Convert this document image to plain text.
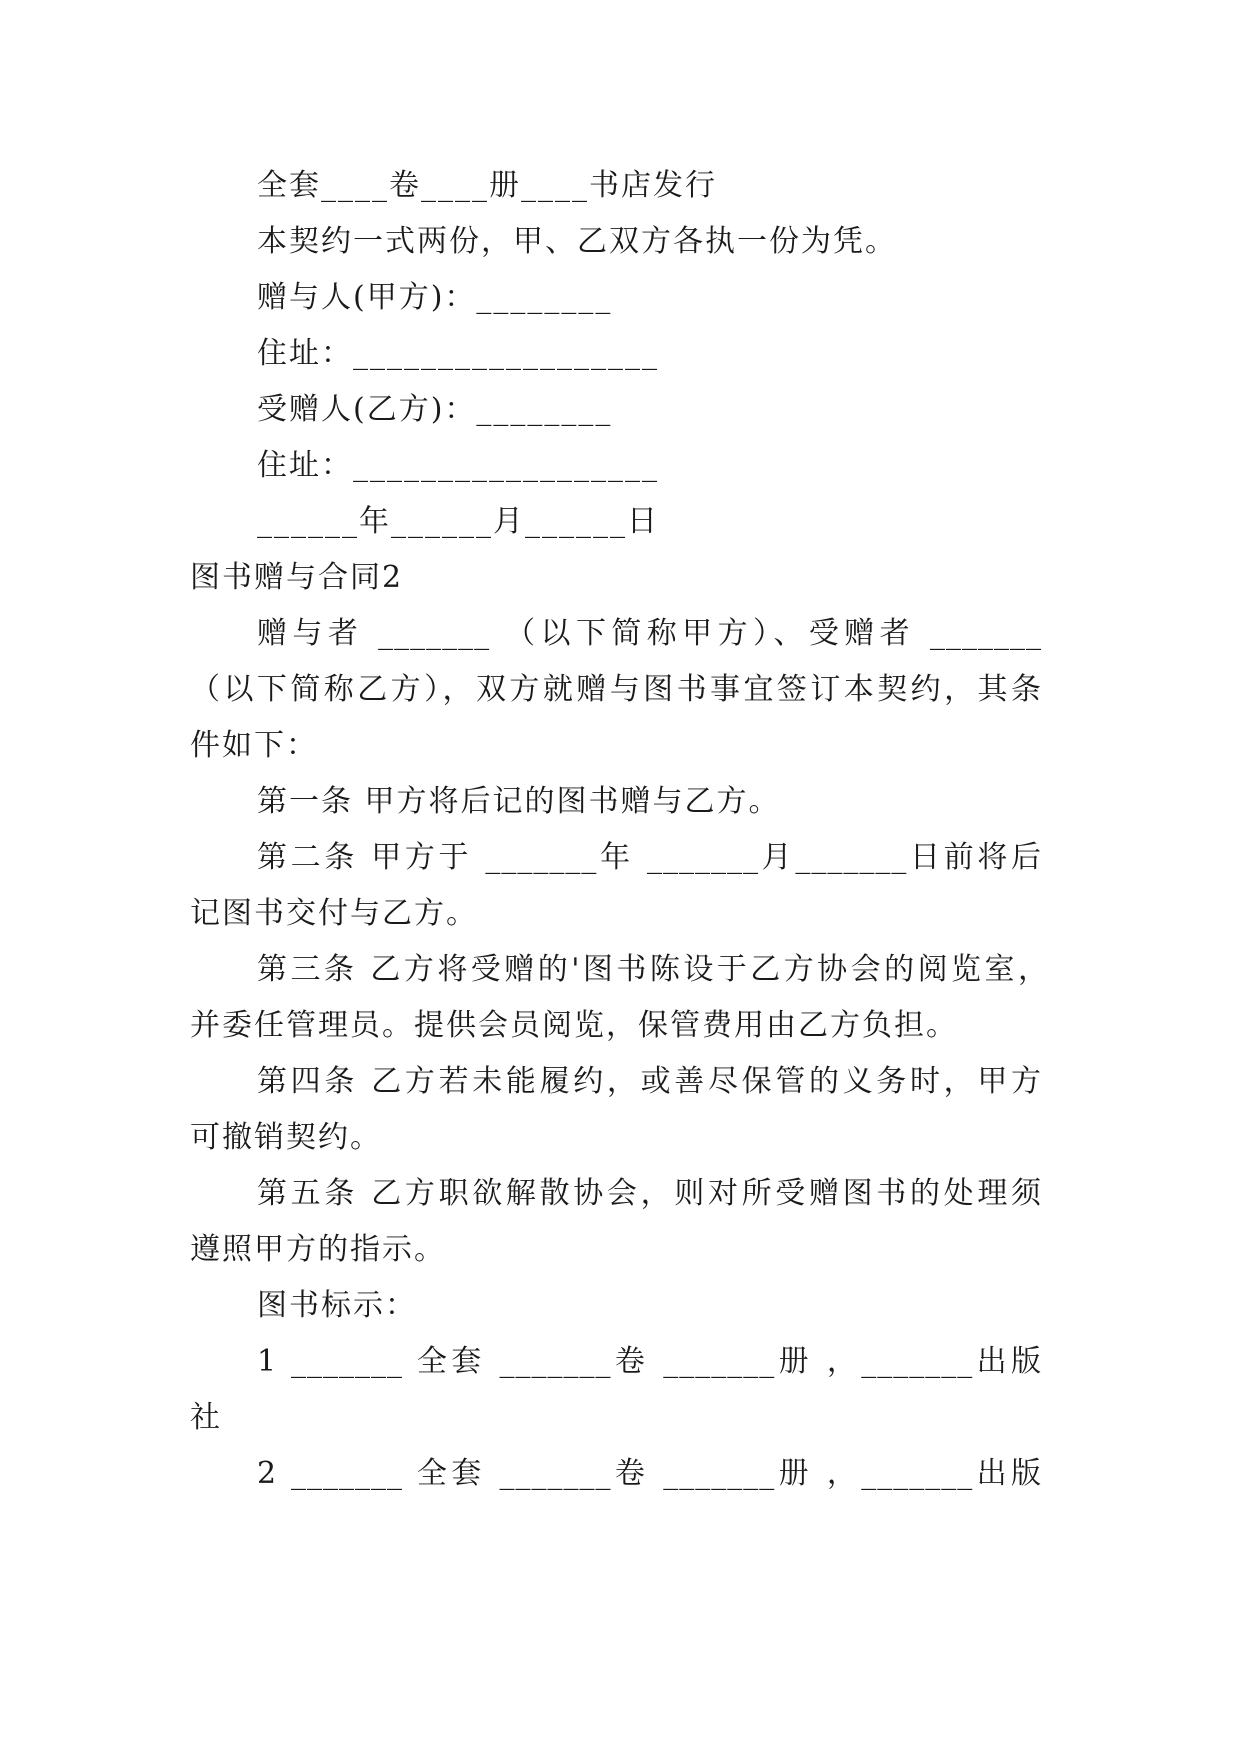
全套____卷____册____书店发行
本契约一式两份，甲、乙双方各执一份为凭。
赠与人(甲方)：________
住址：__________________
受赠人(乙方)：________
住址：__________________
______年______月______日
图书赠与合同2
赠与者 _______ （以下简称甲方）、受赠者 _______
（以下简称乙方），双方就赠与图书事宜签订本契约，其条
件如下：
第一条 甲方将后记的图书赠与乙方。
第二条 甲方于 _______年 _______月_______日前将后
记图书交付与乙方。
第三条 乙方将受赠的'图书陈设于乙方协会的阅览室，
并委任管理员。提供会员阅览，保管费用由乙方负担。
第四条 乙方若未能履约，或善尽保管的义务时，甲方
可撤销契约。
第五条 乙方职欲解散协会，则对所受赠图书的处理须
遵照甲方的指示。
图书标示：
1 _______ 全套 _______卷 _______册 ，_______出版
社
2 _______ 全套 _______卷 _______册 ，_______出版
